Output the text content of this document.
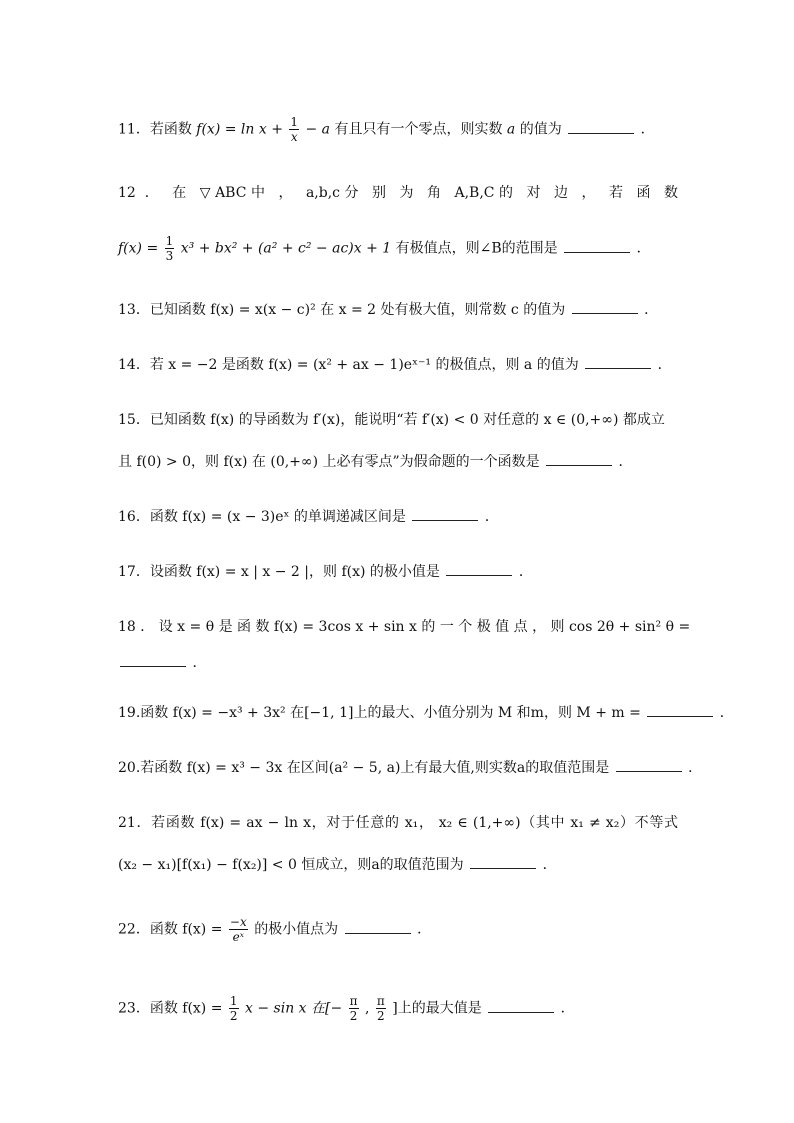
11．若函数 $f(x) = \ln x + \frac{1}{x} - a$ 有且只有一个零点，则实数 a 的值为	．
12 ． 在 ▽ABC中 ， a,b,c分 别 为 角 A,B,C的 对 边 ， 若 函 数
$f(x) = \frac{1}{3} x^3 + bx^2 + (a^2 + c^2 - ac)x + 1$ 有极值点，则∠B的范围是	．
13．已知函数 f(x) = x(x − c)² 在 x = 2 处有极大值，则常数 c 的值为	．
14．若 x = −2 是函数 f(x) = (x² + ax − 1)eˣ⁻¹ 的极值点，则 a 的值为	．
15．已知函数 f(x) 的导函数为 f′(x)，能说明“若 f′(x) < 0 对任意的 x ∈ (0,+∞) 都成立
且 f(0) > 0，则 f(x) 在 (0,+∞) 上必有零点”为假命题的一个函数是	．
16．函数 f(x) = (x − 3)eˣ 的单调递减区间是	．
17．设函数 f(x) = x | x − 2 |，则 f(x) 的极小值是	．
18 ． 设 x = θ 是 函 数 f(x) = 3cos x + sin x 的 一 个 极 值 点 ， 则 cos 2θ + sin² θ =
．
19.函数 f(x) = −x³ + 3x² 在[−1, 1]上的最大、小值分别为 M 和m，则 M + m =	．
20.若函数 f(x) = x³ − 3x 在区间(a² − 5, a)上有最大值,则实数a的取值范围是	．
21．若函数 f(x) = ax − ln x，对于任意的 x₁， x₂ ∈ (1,+∞)（其中 x₁ ≠ x₂）不等式
(x₂ − x₁)[f(x₁) − f(x₂)] < 0 恒成立，则a的取值范围为	．
22．函数 $f(x) = \frac{-x}{\text{eˣ}}$ 的极小值点为	．
23．函数 $f(x) = \frac{1}{2}$ x − sin x 在[− $\frac{\pi}{2}$ , $\frac{\pi}{2}$ ]上的最大值是	．
